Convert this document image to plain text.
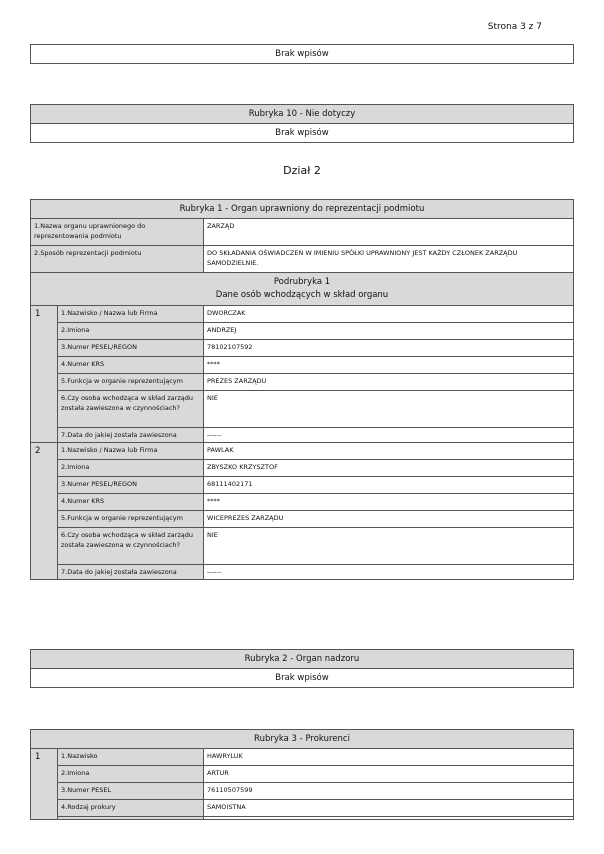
Strona 3 z 7
Brak wpisów
Rubryka 10 - Nie dotyczy
Brak wpisów
Dział 2
Rubryka 1 - Organ uprawniony do reprezentacji podmiotu		
1.Nazwa organu uprawnionego do reprezentowania podmiotu		ZARZĄD
2.Sposób reprezentacji podmiotu		DO SKŁADANIA OŚWIADCZEŃ W IMIENIU SPÓŁKI UPRAWNIONY JEST KAŻDY CZŁONEK ZARZĄDU SAMODZIELNIE.

Podrubryka 1
Dane osób wchodzących w skład organu		

1	1.Nazwisko / Nazwa lub Firma	DWORCZAK
	2.Imiona	ANDRZEJ
	3.Numer PESEL/REGON	78102107592
	4.Numer KRS	****
	5.Funkcja w organie reprezentującym	PREZES ZARZĄDU
	6.Czy osoba wchodząca w skład zarządu została zawieszona w czynnościach?	NIE
	7.Data do jakiej została zawieszona	------
2	1.Nazwisko / Nazwa lub Firma	PAWLAK
	2.Imiona	ZBYSZKO KRZYSZTOF
	3.Numer PESEL/REGON	68111402171
	4.Numer KRS	****
	5.Funkcja w organie reprezentującym	WICEPREZES ZARZĄDU
	6.Czy osoba wchodząca w skład zarządu została zawieszona w czynnościach?	NIE
	7.Data do jakiej została zawieszona	------
Rubryka 2 - Organ nadzoru
Brak wpisów
Rubryka 3 - Prokurenci		
1	1.Nazwisko	HAWRYLUK
	2.Imiona	ARTUR
	3.Numer PESEL	76110507599
	4.Rodzaj prokury	SAMOISTNA
